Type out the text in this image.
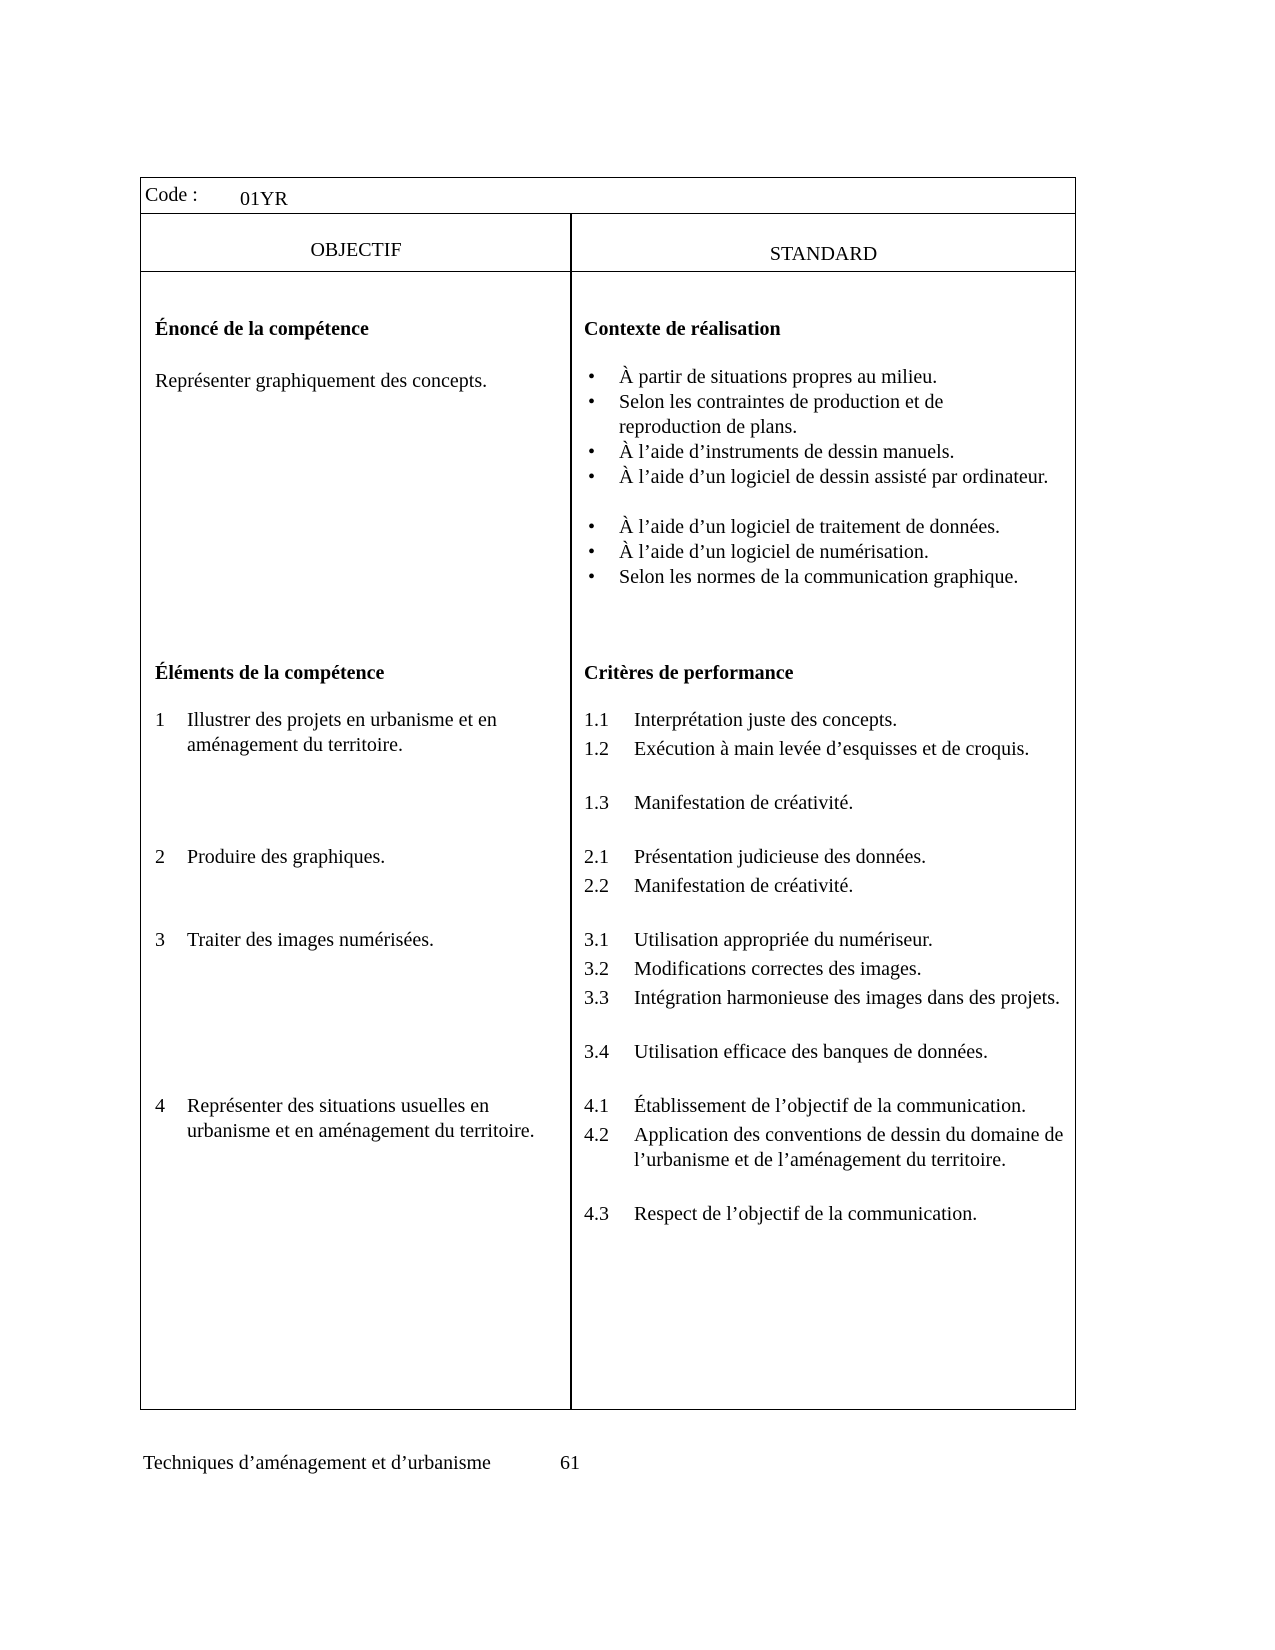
Code : 01YR
OBJECTIF	STANDARD
Énoncé de la compétence
Représenter graphiquement des concepts.
Éléments de la compétence
Contexte de réalisation
Critères de performance
• À partir de situations propres au milieu.
• Selon les contraintes de production et de reproduction de plans.
• À l’aide d’instruments de dessin manuels.
• À l’aide d’un logiciel de dessin assisté par ordinateur.
• À l’aide d’un logiciel de traitement de données.
• À l’aide d’un logiciel de numérisation.
• Selon les normes de la communication graphique.
1 Illustrer des projets en urbanisme et en aménagement du territoire.
2 Produire des graphiques.
3 Traiter des images numérisées.
4 Représenter des situations usuelles en urbanisme et en aménagement du territoire.
1.1 Interprétation juste des concepts.
1.2 Exécution à main levée d’esquisses et de croquis.
1.3 Manifestation de créativité.
2.1 Présentation judicieuse des données.
2.2 Manifestation de créativité.
3.1 Utilisation appropriée du numériseur.
3.2 Modifications correctes des images.
3.3 Intégration harmonieuse des images dans des projets.
3.4 Utilisation efficace des banques de données.
4.1 Établissement de l’objectif de la communication.
4.2 Application des conventions de dessin du domaine de l’urbanisme et de l’aménagement du territoire.
4.3 Respect de l’objectif de la communication.
Techniques d’aménagement et d’urbanisme	61
